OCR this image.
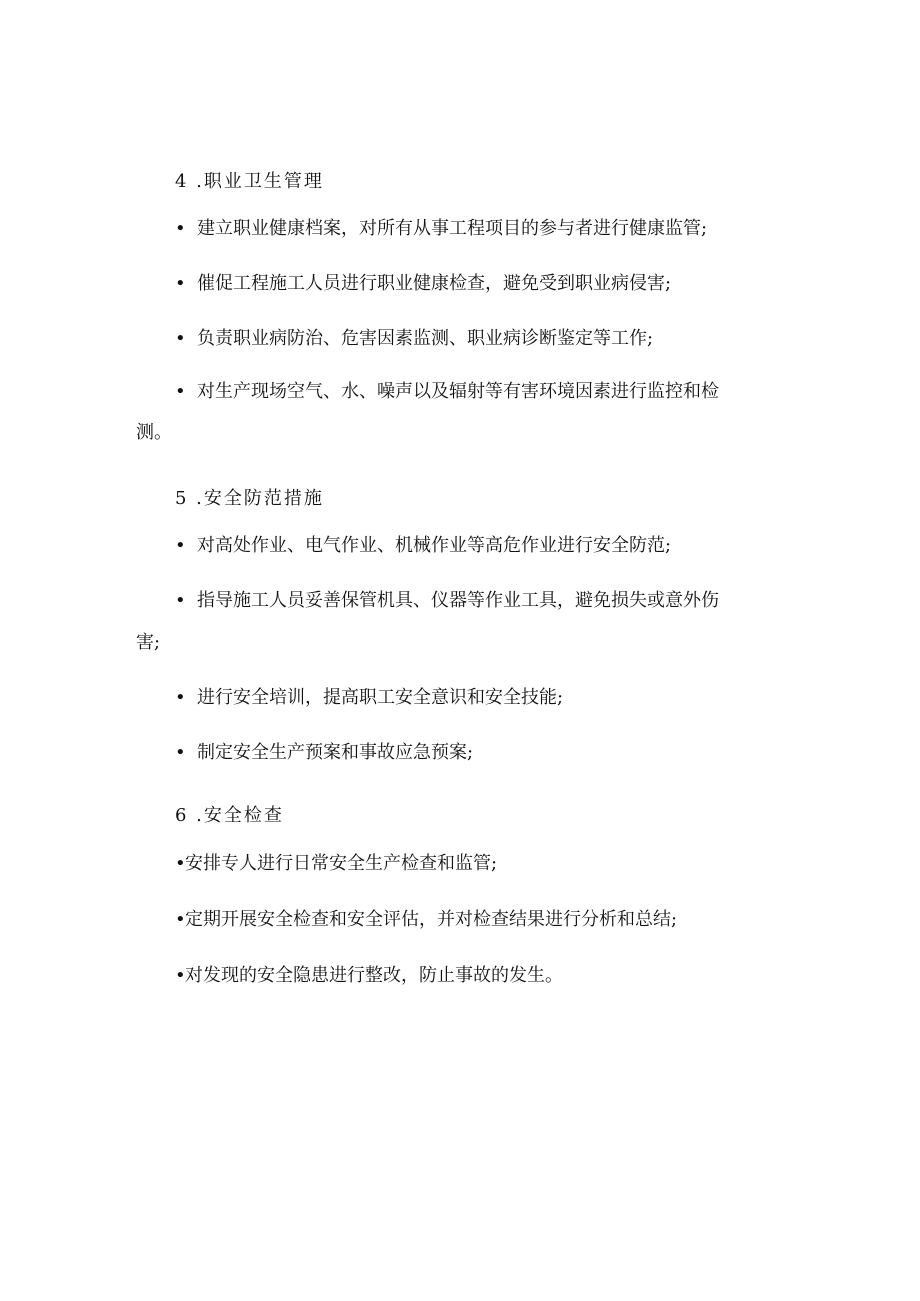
4 .职业卫生管理
• 建立职业健康档案，对所有从事工程项目的参与者进行健康监管;
• 催促工程施工人员进行职业健康检查，避免受到职业病侵害;
• 负责职业病防治、危害因素监测、职业病诊断鉴定等工作;
• 对生产现场空气、水、噪声以及辐射等有害环境因素进行监控和检
测。
5 .安全防范措施
• 对高处作业、电气作业、机械作业等高危作业进行安全防范;
• 指导施工人员妥善保管机具、仪器等作业工具，避免损失或意外伤
害;
• 进行安全培训，提高职工安全意识和安全技能;
• 制定安全生产预案和事故应急预案;
6 .安全检查
•安排专人进行日常安全生产检查和监管;
•定期开展安全检查和安全评估，并对检查结果进行分析和总结;
•对发现的安全隐患进行整改，防止事故的发生。
